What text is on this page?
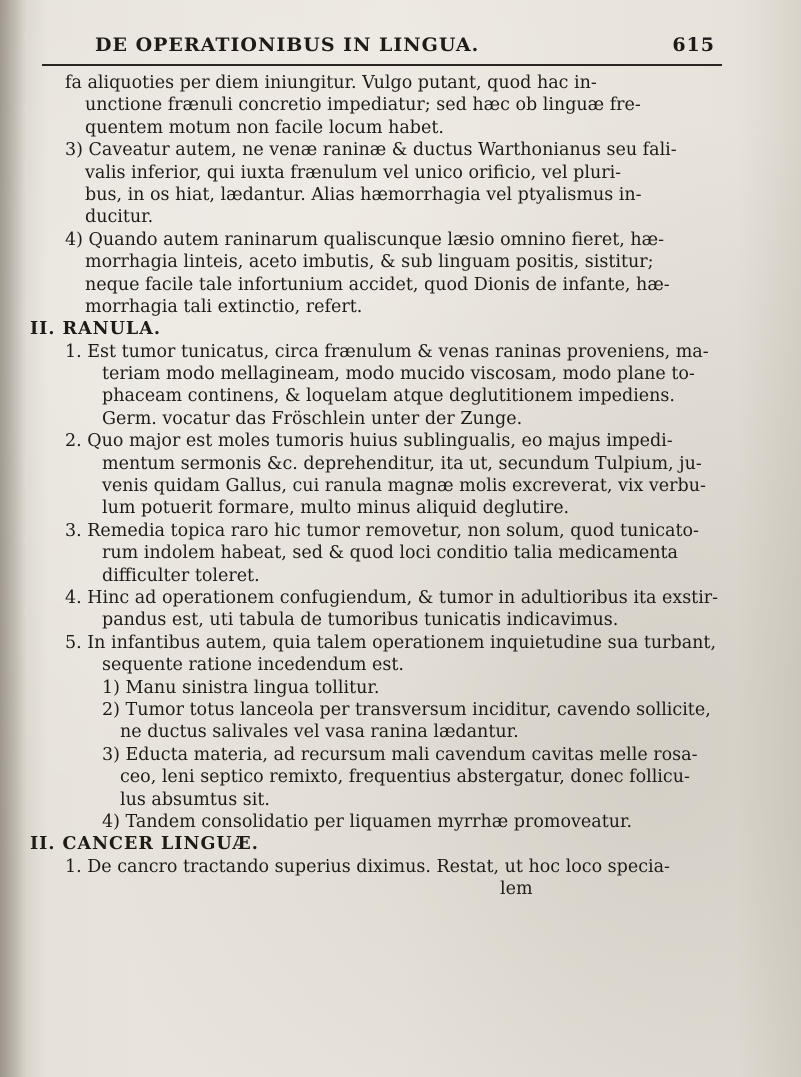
DE OPERATIONIBUS IN LINGUA.	615
fa aliquoties per diem iniungitur. Vulgo putant, quod hac in-
unctione frænuli concretio impediatur; sed hæc ob linguæ fre-
quentem motum non facile locum habet.
3) Caveatur autem, ne venæ raninæ & ductus Warthonianus seu fali-
valis inferior, qui iuxta frænulum vel unico orificio, vel pluri-
bus, in os hiat, lædantur. Alias hæmorrhagia vel ptyalismus in-
ducitur.
4) Quando autem raninarum qualiscunque læsio omnino fieret, hæ-
morrhagia linteis, aceto imbutis, & sub linguam positis, sistitur;
neque facile tale infortunium accidet, quod Dionis de infante, hæ-
morrhagia tali extinctio, refert.
II. RANULA.
1. Est tumor tunicatus, circa frænulum & venas raninas proveniens, ma-
teriam modo mellagineam, modo mucido viscosam, modo plane to-
phaceam continens, & loquelam atque deglutitionem impediens.
Germ. vocatur das Fröschlein unter der Zunge.
2. Quo major est moles tumoris huius sublingualis, eo majus impedi-
mentum sermonis &c. deprehenditur, ita ut, secundum Tulpium, ju-
venis quidam Gallus, cui ranula magnæ molis excreverat, vix verbu-
lum potuerit formare, multo minus aliquid deglutire.
3. Remedia topica raro hic tumor removetur, non solum, quod tunicato-
rum indolem habeat, sed & quod loci conditio talia medicamenta
difficulter toleret.
4. Hinc ad operationem confugiendum, & tumor in adultioribus ita exstir-
pandus est, uti tabula de tumoribus tunicatis indicavimus.
5. In infantibus autem, quia talem operationem inquietudine sua turbant,
sequente ratione incedendum est.
1) Manu sinistra lingua tollitur.
2) Tumor totus lanceola per transversum inciditur, cavendo sollicite,
ne ductus salivales vel vasa ranina lædantur.
3) Educta materia, ad recursum mali cavendum cavitas melle rosa-
ceo, leni septico remixto, frequentius abstergatur, donec follicu-
lus absumtus sit.
4) Tandem consolidatio per liquamen myrrhæ promoveatur.
II. CANCER LINGUÆ.
1. De cancro tractando superius diximus. Restat, ut hoc loco specia-
lem
